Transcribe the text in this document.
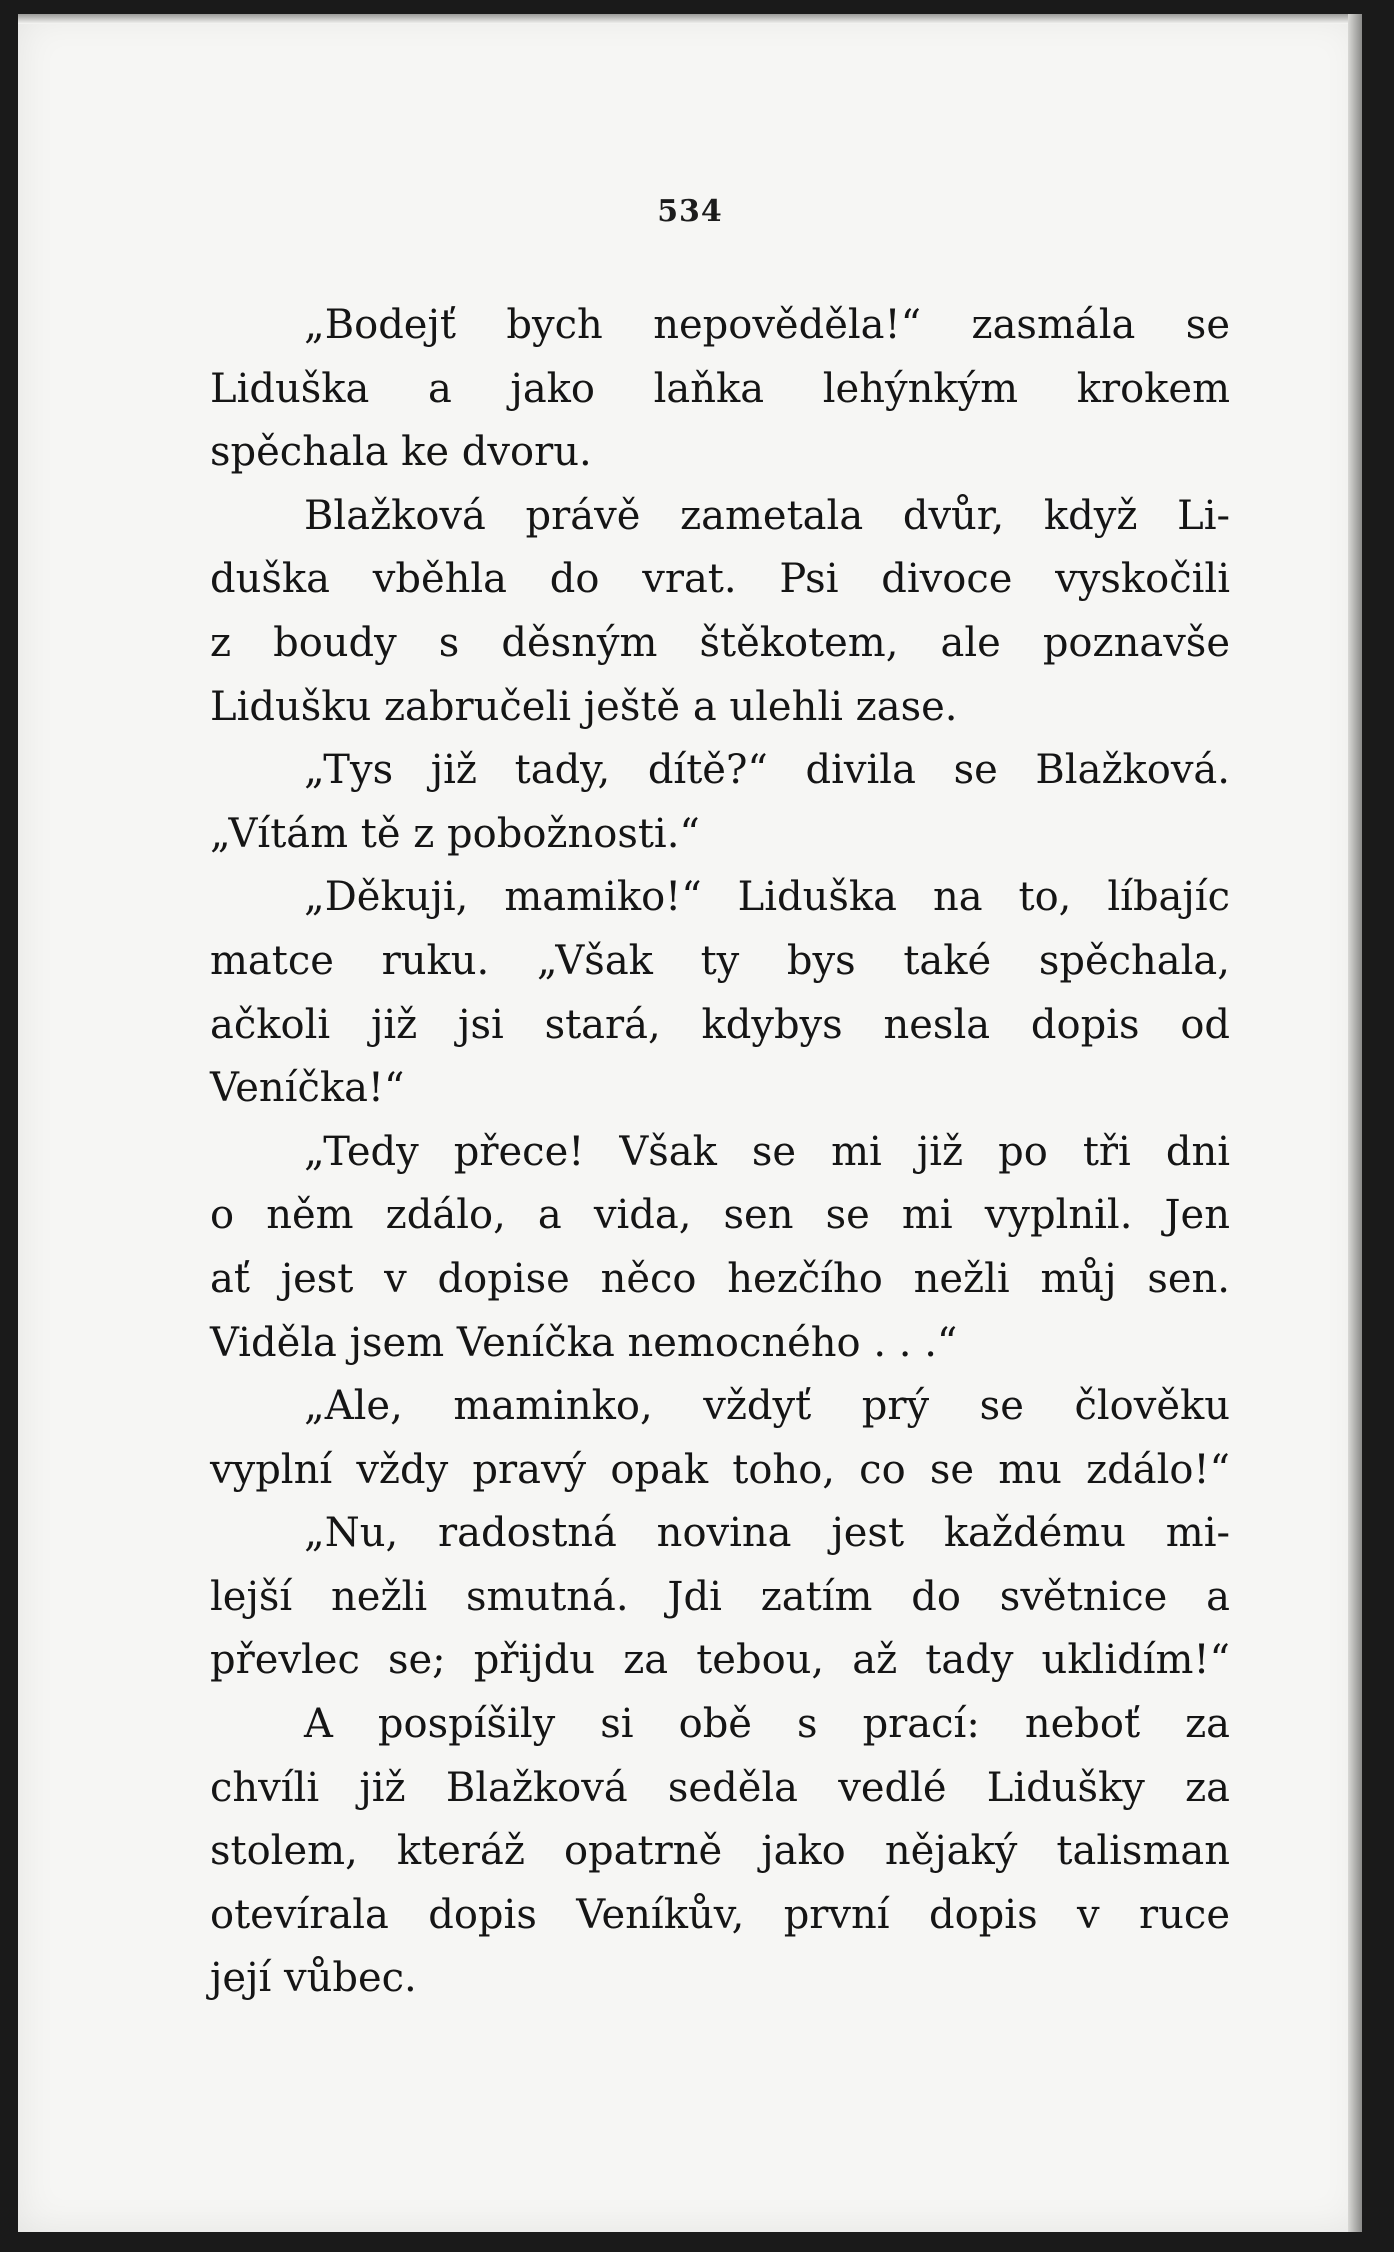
534
„Bodejť bych nepověděla!“ zasmála se
Liduška a jako laňka lehýnkým krokem
spěchala ke dvoru.
Blažková právě zametala dvůr, když Li-
duška vběhla do vrat. Psi divoce vyskočili
z boudy s děsným štěkotem, ale poznavše
Lidušku zabručeli ještě a ulehli zase.
„Tys již tady, dítě?“ divila se Blažková.
„Vítám tě z pobožnosti.“
„Děkuji, mamiko!“ Liduška na to, líbajíc
matce ruku. „Však ty bys také spěchala,
ačkoli již jsi stará, kdybys nesla dopis od
Veníčka!“
„Tedy přece! Však se mi již po tři dni
o něm zdálo, a vida, sen se mi vyplnil. Jen
ať jest v dopise něco hezčího nežli můj sen.
Viděla jsem Veníčka nemocného . . .“
„Ale, maminko, vždyť prý se člověku
vyplní vždy pravý opak toho, co se mu zdálo!“
„Nu, radostná novina jest každému mi-
lejší nežli smutná. Jdi zatím do světnice a
převlec se; přijdu za tebou, až tady uklidím!“
A pospíšily si obě s prací: neboť za
chvíli již Blažková seděla vedlé Lidušky za
stolem, kteráž opatrně jako nějaký talisman
otevírala dopis Veníkův, první dopis v ruce
její vůbec.
